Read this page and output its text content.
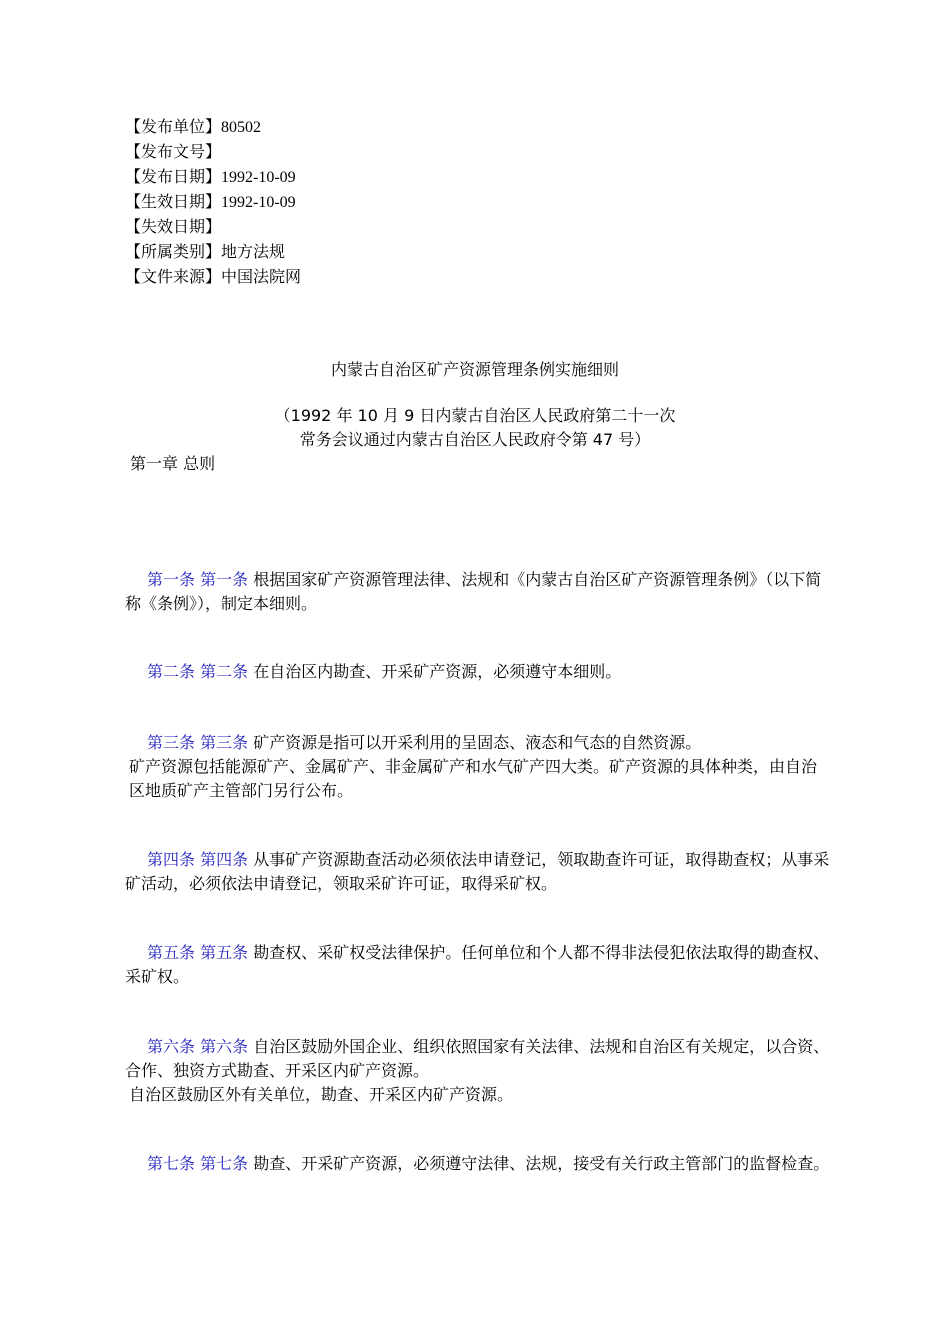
【发布单位】80502
【发布文号】
【发布日期】1992-10-09
【生效日期】1992-10-09
【失效日期】
【所属类别】地方法规
【文件来源】中国法院网
内蒙古自治区矿产资源管理条例实施细则
（1992 年 10 月 9 日内蒙古自治区人民政府第二十一次
常务会议通过内蒙古自治区人民政府令第 47 号）
第一章 总则
第一条 第一条 根据国家矿产资源管理法律、法规和《内蒙古自治区矿产资源管理条例》（以下简称《条例》），制定本细则。
第二条 第二条 在自治区内勘查、开采矿产资源，必须遵守本细则。
第三条 第三条 矿产资源是指可以开采利用的呈固态、液态和气态的自然资源。
矿产资源包括能源矿产、金属矿产、非金属矿产和水气矿产四大类。矿产资源的具体种类，由自治区地质矿产主管部门另行公布。
第四条 第四条 从事矿产资源勘查活动必须依法申请登记，领取勘查许可证，取得勘查权；从事采矿活动，必须依法申请登记，领取采矿许可证，取得采矿权。
第五条 第五条 勘查权、采矿权受法律保护。任何单位和个人都不得非法侵犯依法取得的勘查权、采矿权。
第六条 第六条 自治区鼓励外国企业、组织依照国家有关法律、法规和自治区有关规定，以合资、合作、独资方式勘查、开采区内矿产资源。
自治区鼓励区外有关单位，勘查、开采区内矿产资源。
第七条 第七条 勘查、开采矿产资源，必须遵守法律、法规，接受有关行政主管部门的监督检查。
